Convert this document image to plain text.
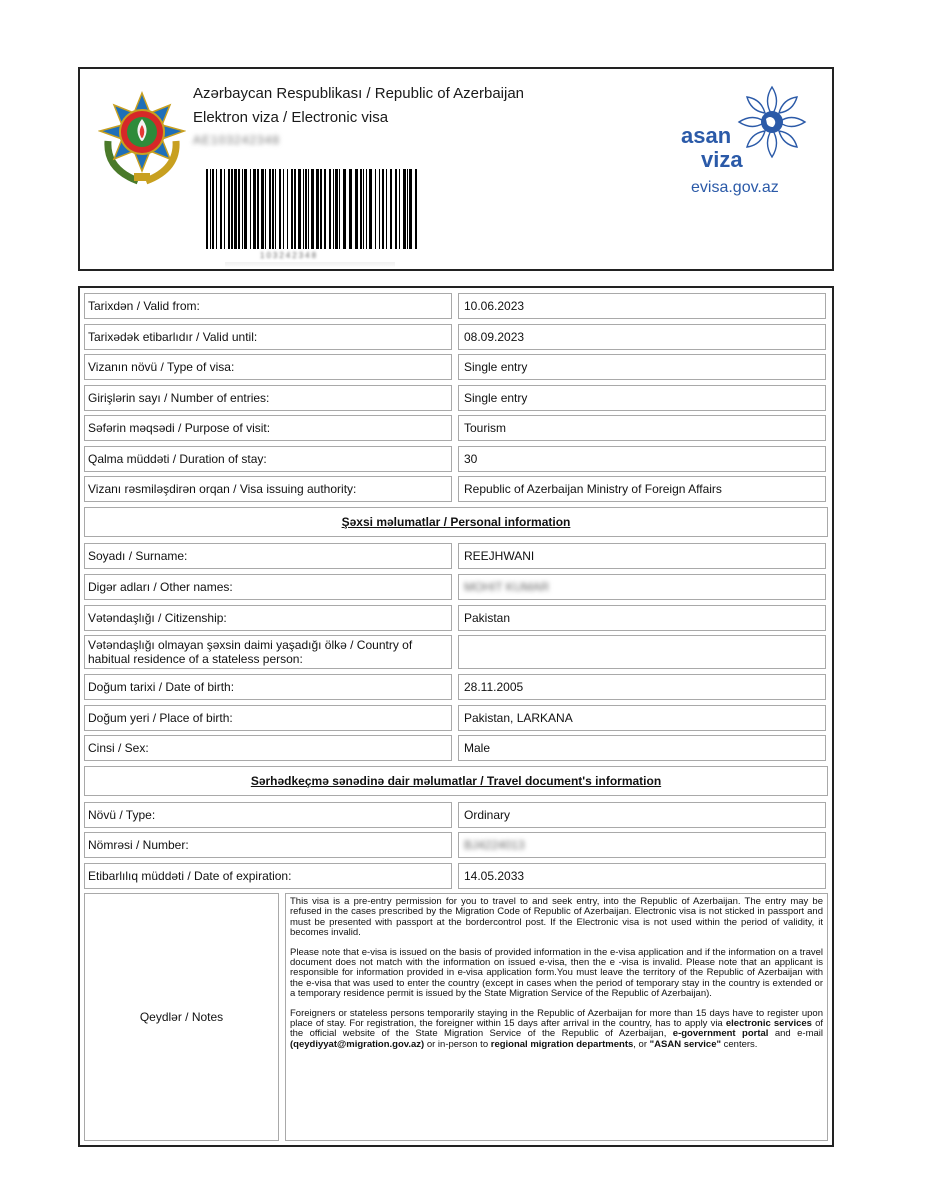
Azərbaycan Respublikası / Republic of Azerbaijan
Elektron viza / Electronic visa
AE103242348
103242348
asan
viza
evisa.gov.az
Tarixdən / Valid from:	10.06.2023
Tarixədək etibarlıdır / Valid until:	08.09.2023
Vizanın növü / Type of visa:	Single entry
Girişlərin sayı / Number of entries:	Single entry
Səfərin məqsədi / Purpose of visit:	Tourism
Qalma müddəti / Duration of stay:	30
Vizanı rəsmiləşdirən orqan / Visa issuing authority:	Republic of Azerbaijan Ministry of Foreign Affairs
Şəxsi məlumatlar / Personal information
Soyadı / Surname:	REEJHWANI
Digər adları / Other names:	MOHIT KUMAR
Vətəndaşlığı / Citizenship:	Pakistan
Vətəndaşlığı olmayan şəxsin daimi yaşadığı ölkə / Country of habitual residence of a stateless person:
Doğum tarixi / Date of birth:	28.11.2005
Doğum yeri / Place of birth:	Pakistan, LARKANA
Cinsi / Sex:	Male
Sərhədkeçmə sənədinə dair məlumatlar / Travel document's information
Növü / Type:	Ordinary
Nömrəsi / Number:	BJ4224013
Etibarlılıq müddəti / Date of expiration:	14.05.2033
Qeydlər / Notes

This visa is a pre-entry permission for you to travel to and seek entry, into the Republic of Azerbaijan. The entry may be refused in the cases prescribed by the Migration Code of Republic of Azerbaijan. Electronic visa is not sticked in passport and must be presented with passport at the bordercontrol post. If the Electronic visa is not used within the period of validity, it becomes invalid.

Please note that e-visa is issued on the basis of provided information in the e-visa application and if the information on a travel document does not match with the information on issued e-visa, then the e -visa is invalid. Please note that an applicant is responsible for information provided in e-visa application form.You must leave the territory of the Republic of Azerbaijan with the e-visa that was used to enter the country (except in cases when the period of temporary stay in the country is extended or a temporary residence permit is issued by the State Migration Service of the Republic of Azerbaijan).

Foreigners or stateless persons temporarily staying in the Republic of Azerbaijan for more than 15 days have to register upon place of stay. For registration, the foreigner within 15 days after arrival in the country, has to apply via electronic services of the official website of the State Migration Service of the Republic of Azerbaijan, e-government portal and e-mail (qeydiyyat@migration.gov.az) or in-person to regional migration departments, or "ASAN service" centers.
